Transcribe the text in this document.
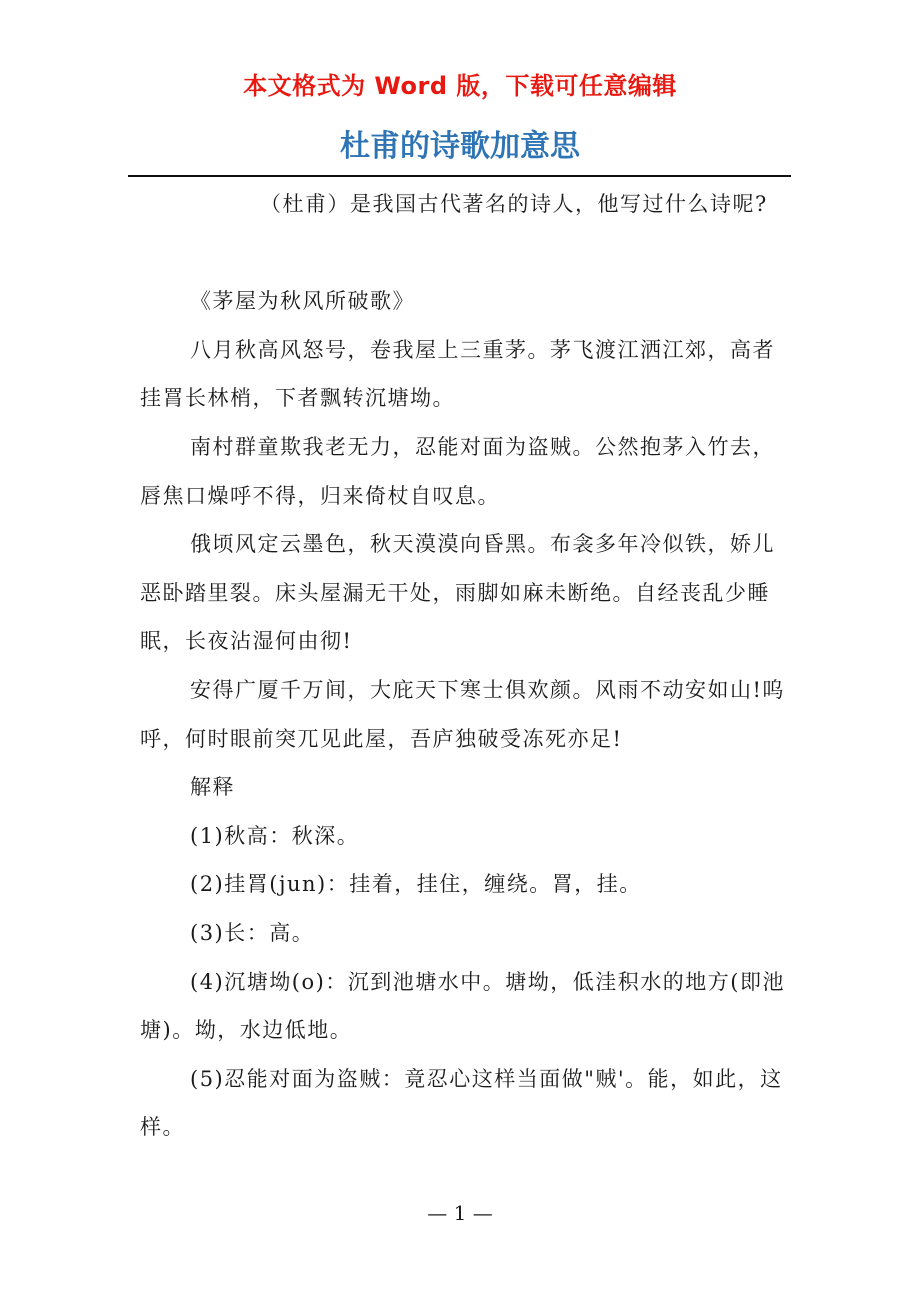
本文格式为 Word 版，下载可任意编辑
杜甫的诗歌加意思

（杜甫）是我国古代著名的诗人，他写过什么诗呢?

《茅屋为秋风所破歌》

八月秋高风怒号，卷我屋上三重茅。茅飞渡江洒江郊，高者挂罥长林梢，下者飘转沉塘坳。

南村群童欺我老无力，忍能对面为盗贼。公然抱茅入竹去，唇焦口燥呼不得，归来倚杖自叹息。

俄顷风定云墨色，秋天漠漠向昏黑。布衾多年冷似铁，娇儿恶卧踏里裂。床头屋漏无干处，雨脚如麻未断绝。自经丧乱少睡眠，长夜沾湿何由彻!

安得广厦千万间，大庇天下寒士俱欢颜。风雨不动安如山!呜呼，何时眼前突兀见此屋，吾庐独破受冻死亦足!

解释

(1)秋高：秋深。

(2)挂罥(jun)：挂着，挂住，缠绕。罥，挂。

(3)长：高。

(4)沉塘坳(o)：沉到池塘水中。塘坳，低洼积水的地方(即池塘)。坳，水边低地。

(5)忍能对面为盗贼：竟忍心这样当面做"贼'。能，如此，这样。

— 1 —
